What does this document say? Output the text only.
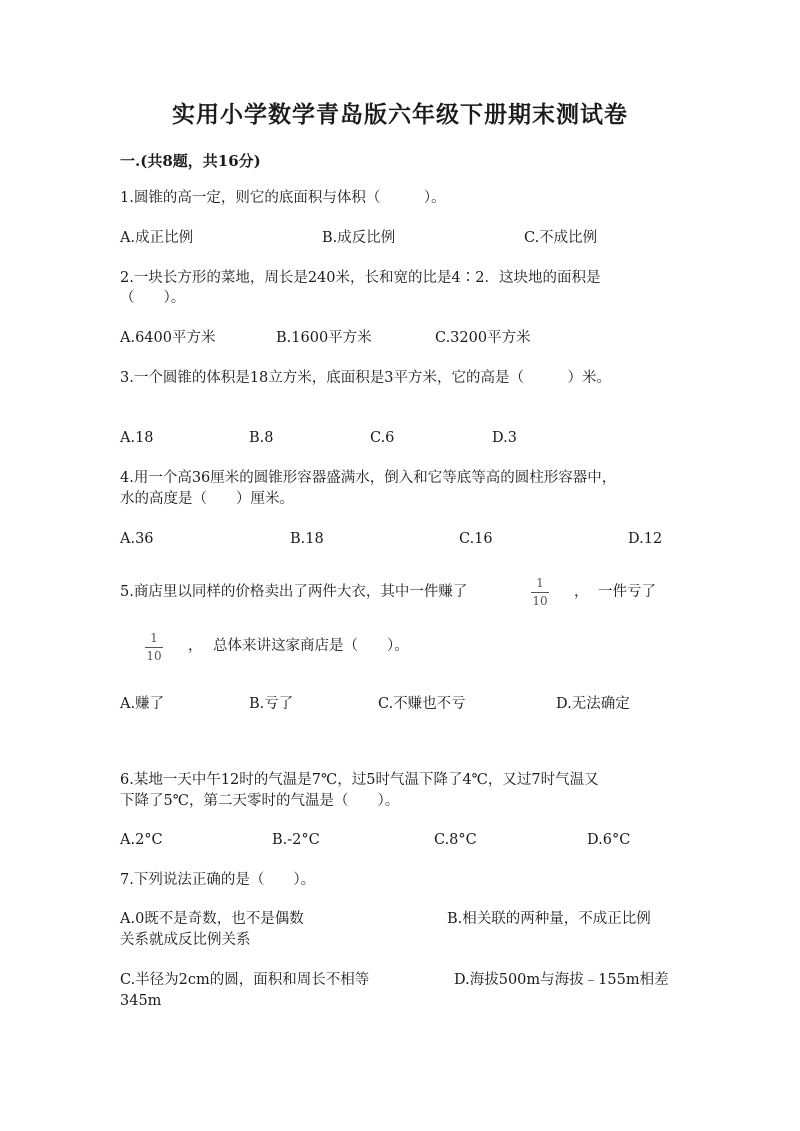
实用小学数学青岛版六年级下册期末测试卷
一.(共8题，共16分)
1.圆锥的高一定，则它的底面积与体积（　　　）。
A.成正比例	B.成反比例	C.不成比例
2.一块长方形的菜地，周长是240米，长和宽的比是4∶2．这块地的面积是
（　　）。
A.6400平方米	B.1600平方米	C.3200平方米
3.一个圆锥的体积是18立方米，底面积是3平方米，它的高是（　　　）米。
A.18	B.8	C.6	D.3
4.用一个高36厘米的圆锥形容器盛满水，倒入和它等底等高的圆柱形容器中，
水的高度是（　　）厘米。
A.36	B.18	C.16	D.12
5.商店里以同样的价格卖出了两件大衣，其中一件赚了
1
10
， 一件亏了
1
10
， 总体来讲这家商店是（　　）。
A.赚了	B.亏了	C.不赚也不亏	D.无法确定
6.某地一天中午12时的气温是7℃，过5时气温下降了4℃，又过7时气温又
下降了5℃，第二天零时的气温是（　　）。
A.2°C	B.-2°C	C.8°C	D.6°C
7.下列说法正确的是（　　）。
A.0既不是奇数，也不是偶数	B.相关联的两种量，不成正比例
关系就成反比例关系
C.半径为2cm的圆，面积和周长不相等	D.海拔500m与海拔﹣155m相差
345m
